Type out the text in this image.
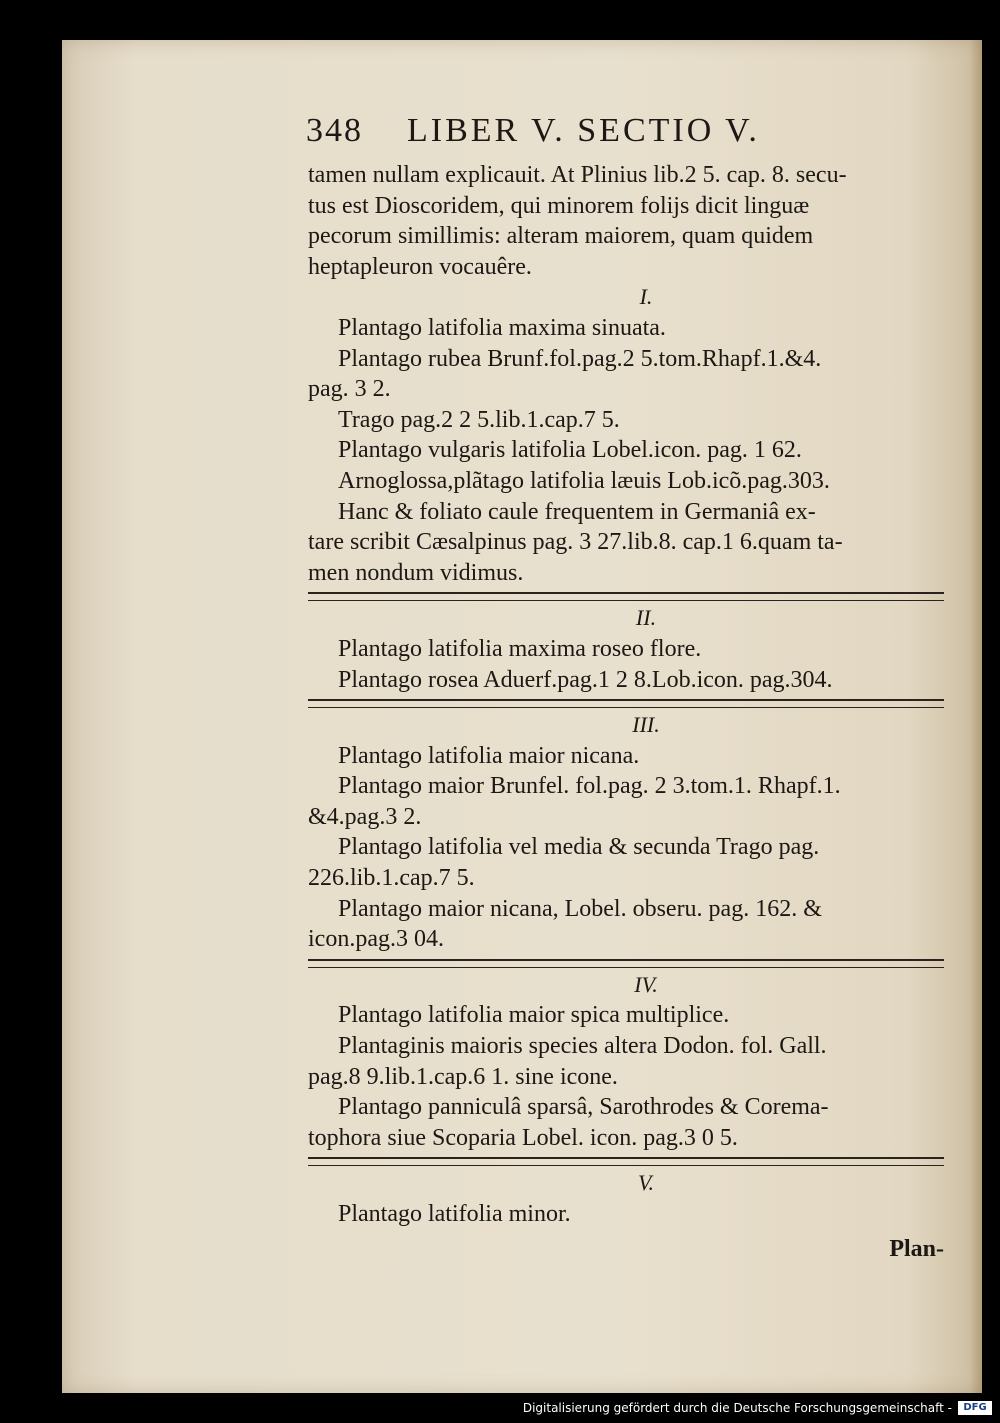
348 LIBER V. SECTIO V.
tamen nullam explicauit. At Plinius lib.2 5. cap. 8. secu-
tus est Dioscoridem, qui minorem folijs dicit linguæ
pecorum simillimis: alteram maiorem, quam quidem
heptapleuron vocauêre.
I.
Plantago latifolia maxima sinuata.
Plantago rubea Brunf.fol.pag.2 5.tom.Rhapf.1.&4.
pag. 3 2.
Trago pag.2 2 5.lib.1.cap.7 5.
Plantago vulgaris latifolia Lobel.icon. pag. 1 62.
Arnoglossa,plãtago latifolia læuis Lob.icõ.pag.303.
Hanc & foliato caule frequentem in Germaniâ ex-
tare scribit Cæsalpinus pag. 3 27.lib.8. cap.1 6.quam ta-
men nondum vidimus.
II.
Plantago latifolia maxima roseo flore.
Plantago rosea Aduerf.pag.1 2 8.Lob.icon. pag.304.
III.
Plantago latifolia maior nicana.
Plantago maior Brunfel. fol.pag. 2 3.tom.1. Rhapf.1.
&4.pag.3 2.
Plantago latifolia vel media & secunda Trago pag.
226.lib.1.cap.7 5.
Plantago maior nicana, Lobel. obseru. pag. 162. &
icon.pag.3 04.
IV.
Plantago latifolia maior spica multiplice.
Plantaginis maioris species altera Dodon. fol. Gall.
pag.8 9.lib.1.cap.6 1. sine icone.
Plantago panniculâ sparsâ, Sarothrodes & Corema-
tophora siue Scoparia Lobel. icon. pag.3 0 5.
V.
Plantago latifolia minor.
Plan-
Digitalisierung gefördert durch die Deutsche Forschungsgemeinschaft -	DFG
